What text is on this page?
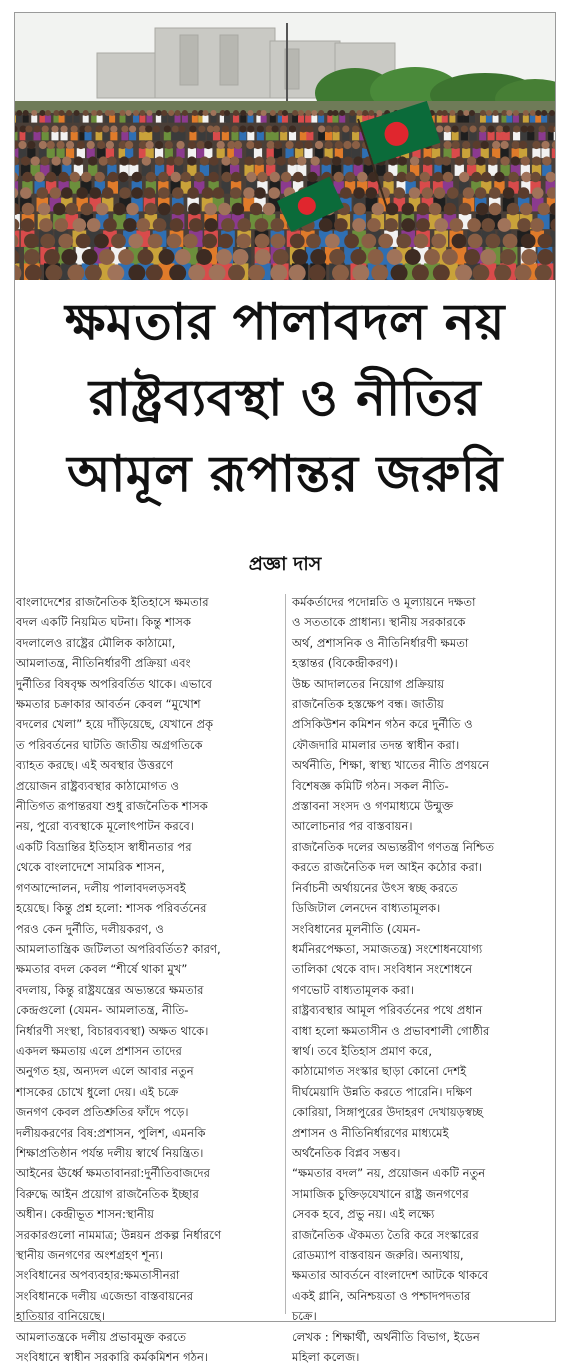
ক্ষমতার পালাবদল নয়
রাষ্ট্রব্যবস্থা ও নীতির
আমূল রূপান্তর জরুরি
প্রজ্ঞা দাস

বাংলাদেশের রাজনৈতিক ইতিহাসে ক্ষমতার

বদল একটি নিয়মিত ঘটনা। কিন্তু শাসক

বদলালেও রাষ্ট্রের মৌলিক কাঠামো,

আমলাতন্ত্র, নীতিনির্ধারণী প্রক্রিয়া এবং

দুর্নীতির বিষবৃক্ষ অপরিবর্তিত থাকে। এভাবে

ক্ষমতার চক্রাকার আবর্তন কেবল “মুখোশ

বদলের খেলা” হয়ে দাঁড়িয়েছে, যেখানে প্রকৃ

ত পরিবর্তনের ঘাটতি জাতীয় অগ্রগতিকে

ব্যাহত করছে। এই অবস্থার উত্তরণে

প্রয়োজন রাষ্ট্রব্যবস্থার কাঠামোগত ও

নীতিগত রূপান্তরযা শুধু রাজনৈতিক শাসক

নয়, পুরো ব্যবস্থাকে মূলোৎপাটন করবে।

একটি বিভ্রান্তির ইতিহাস স্বাধীনতার পর

থেকে বাংলাদেশে সামরিক শাসন,

গণআন্দোলন, দলীয় পালাবদলড়সবই

হয়েছে। কিন্তু প্রশ্ন হলো: শাসক পরিবর্তনের

পরও কেন দুর্নীতি, দলীয়করণ, ও

আমলাতান্ত্রিক জটিলতা অপরিবর্তিত? কারণ,

ক্ষমতার বদল কেবল “শীর্ষে থাকা মুখ”

বদলায়, কিন্তু রাষ্ট্রযন্ত্রের অভ্যন্তরে ক্ষমতার

কেন্দ্রগুলো (যেমন- আমলাতন্ত্র, নীতি-

নির্ধারণী সংস্থা, বিচারব্যবস্থা) অক্ষত থাকে।

একদল ক্ষমতায় এলে প্রশাসন তাদের

অনুগত হয়, অন্যদল এলে আবার নতুন

শাসকের চোখে ধুলো দেয়। এই চক্রে

জনগণ কেবল প্রতিশ্রুতির ফাঁদে পড়ে।

দলীয়করণের বিষ:প্রশাসন, পুলিশ, এমনকি

শিক্ষাপ্রতিষ্ঠান পর্যন্ত দলীয় স্বার্থে নিয়ন্ত্রিত।

আইনের ঊর্ধ্বে ক্ষমতাবানরা:দুর্নীতিবাজদের

বিরুদ্ধে আইন প্রয়োগ রাজনৈতিক ইচ্ছার

অধীন। কেন্দ্রীভূত শাসন:স্থানীয়

সরকারগুলো নামমাত্র; উন্নয়ন প্রকল্প নির্ধারণে

স্থানীয় জনগণের অংশগ্রহণ শূন্য।

সংবিধানের অপব্যবহার:ক্ষমতাসীনরা

সংবিধানকে দলীয় এজেন্ডা বাস্তবায়নের

হাতিয়ার বানিয়েছে।

আমলাতন্ত্রকে দলীয় প্রভাবমুক্ত করতে

সংবিধানে স্বাধীন সরকারি কর্মকমিশন গঠন।

কর্মকর্তাদের পদোন্নতি ও মূল্যায়নে দক্ষতা

ও সততাকে প্রাধান্য। স্থানীয় সরকারকে

অর্থ, প্রশাসনিক ও নীতিনির্ধারণী ক্ষমতা

হস্তান্তর (বিকেন্দ্রীকরণ)।

উচ্চ আদালতের নিয়োগ প্রক্রিয়ায়

রাজনৈতিক হস্তক্ষেপ বন্ধ। জাতীয়

প্রসিকিউশন কমিশন গঠন করে দুর্নীতি ও

ফৌজদারি মামলার তদন্ত স্বাধীন করা।

অর্থনীতি, শিক্ষা, স্বাস্থ্য খাতের নীতি প্রণয়নে

বিশেষজ্ঞ কমিটি গঠন। সকল নীতি-

প্রস্তাবনা সংসদ ও গণমাধ্যমে উন্মুক্ত

আলোচনার পর বাস্তবায়ন।

রাজনৈতিক দলের অভ্যন্তরীণ গণতন্ত্র নিশ্চিত

করতে রাজনৈতিক দল আইন কঠোর করা।

নির্বাচনী অর্থায়নের উৎস স্বচ্ছ করতে

ডিজিটাল লেনদেন বাধ্যতামূলক।

সংবিধানের মূলনীতি (যেমন-

ধর্মনিরপেক্ষতা, সমাজতন্ত্র) সংশোধনযোগ্য

তালিকা থেকে বাদ। সংবিধান সংশোধনে

গণভোট বাধ্যতামূলক করা।

রাষ্ট্রব্যবস্থার আমূল পরিবর্তনের পথে প্রধান

বাধা হলো ক্ষমতাসীন ও প্রভাবশালী গোষ্ঠীর

স্বার্থ। তবে ইতিহাস প্রমাণ করে,

কাঠামোগত সংস্কার ছাড়া কোনো দেশই

দীর্ঘমেয়াদি উন্নতি করতে পারেনি। দক্ষিণ

কোরিয়া, সিঙ্গাপুরের উদাহরণ দেখায়ড়স্বচ্ছ

প্রশাসন ও নীতিনির্ধারণের মাধ্যমেই

অর্থনৈতিক বিপ্লব সম্ভব।

“ক্ষমতার বদল” নয়, প্রয়োজন একটি নতুন

সামাজিক চুক্তিড়যেখানে রাষ্ট্র জনগণের

সেবক হবে, প্রভু নয়। এই লক্ষ্যে

রাজনৈতিক ঐকমত্য তৈরি করে সংস্কারের

রোডম্যাপ বাস্তবায়ন জরুরি। অন্যথায়,

ক্ষমতার আবর্তনে বাংলাদেশ আটকে থাকবে

একই গ্লানি, অনিশ্চয়তা ও পশ্চাদপদতার

চক্রে।

লেখক : শিক্ষার্থী, অর্থনীতি বিভাগ, ইডেন

মহিলা কলেজ।
